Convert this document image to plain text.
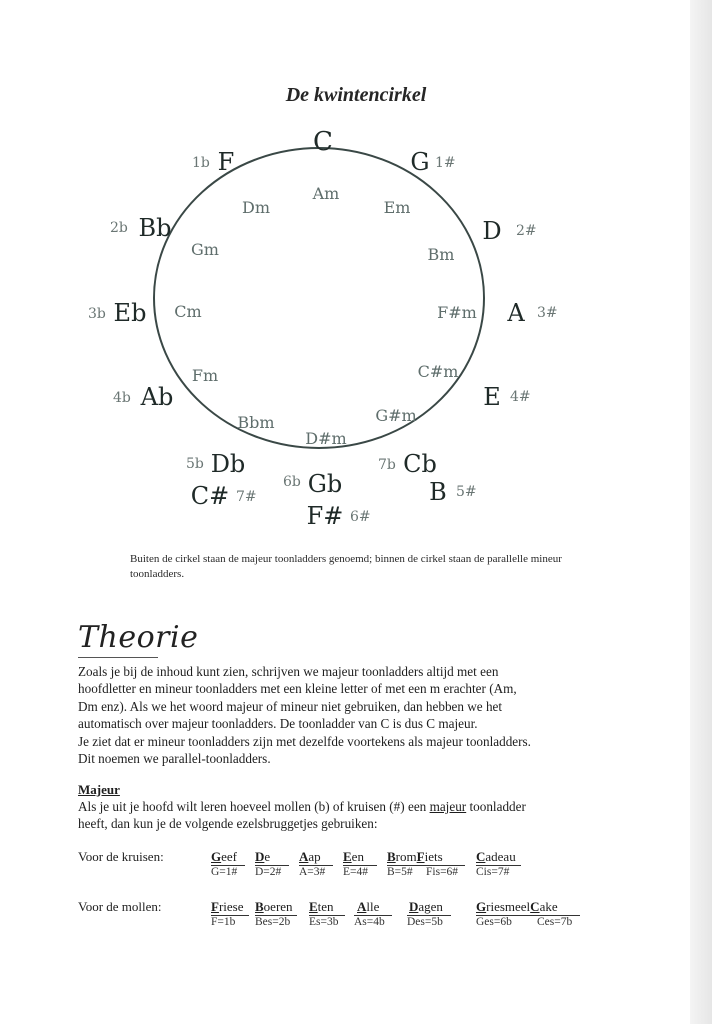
De kwintencirkel
C
G 1#
D 2#
A 3#
E 4#
B 5#
F# 6#
C# 7#
1b F
2b Bb
3b Eb
4b Ab
5b Db
6b Gb
7b Cb
Am
Em
Bm
F#m
C#m
G#m
D#m
Bbm
Fm
Cm
Gm
Dm
Buiten de cirkel staan de majeur toonladders genoemd; binnen de cirkel staan de parallelle mineur toonladders.
Theorie
Zoals je bij de inhoud kunt zien, schrijven we majeur toonladders altijd met een
hoofdletter en mineur toonladders met een kleine letter of met een m erachter (Am,
Dm enz). Als we het woord majeur of mineur niet gebruiken, dan hebben we het
automatisch over majeur toonladders. De toonladder van C is dus C majeur.
Je ziet dat er mineur toonladders zijn met dezelfde voortekens als majeur toonladders.
Dit noemen we parallel-toonladders.
Majeur
Als je uit je hoofd wilt leren hoeveel mollen (b) of kruisen (#) een majeur toonladder
heeft, dan kun je de volgende ezelsbruggetjes gebruiken:
Voor de kruisen:	Geef
G=1#
De
D=2#
Aap
A=3#
Een
E=4#
BromFiets
B=5# Fis=6#
Cadeau
Cis=7#
Voor de mollen:	Friese
F=1b
Boeren
Bes=2b
Eten
Es=3b
Alle
As=4b
Dagen
Des=5b
GriesmeelCake
Ges=6b Ces=7b
